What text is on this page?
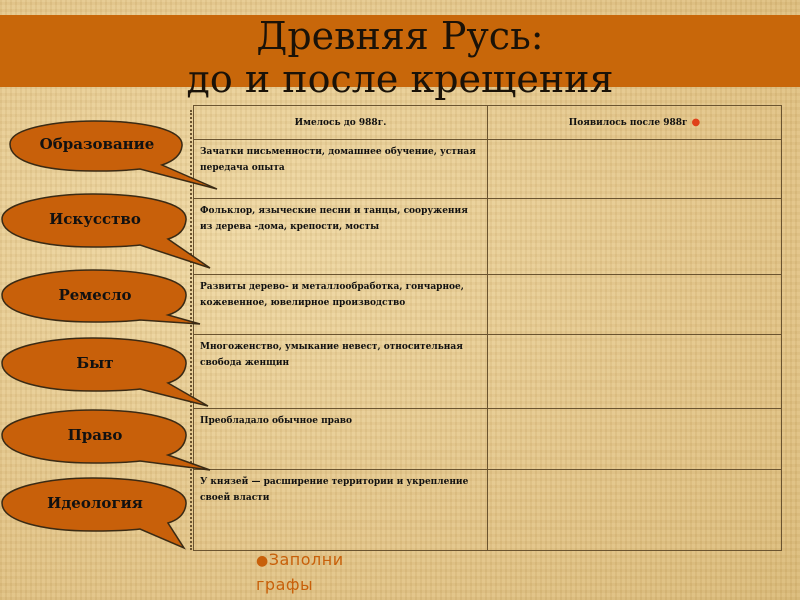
Древняя Русь:
до и после крещения
Имелось до 988г.	Появилось после 988г ●
Зачатки письменности, домашнее обучение, устная передача опыта	
Фольклор, языческие песни и танцы, сооружения из дерева -дома, крепости, мосты	
Развиты дерево- и металлообработка, гончарное, кожевенное, ювелирное производство	
Многоженство, умыкание невест, относительная свобода женщин	
Преобладало обычное право	
У князей — расширение территории и укрепление своей власти	
Образование
Искусство
Ремесло
Быт
Право
Идеология
●Заполни графы
